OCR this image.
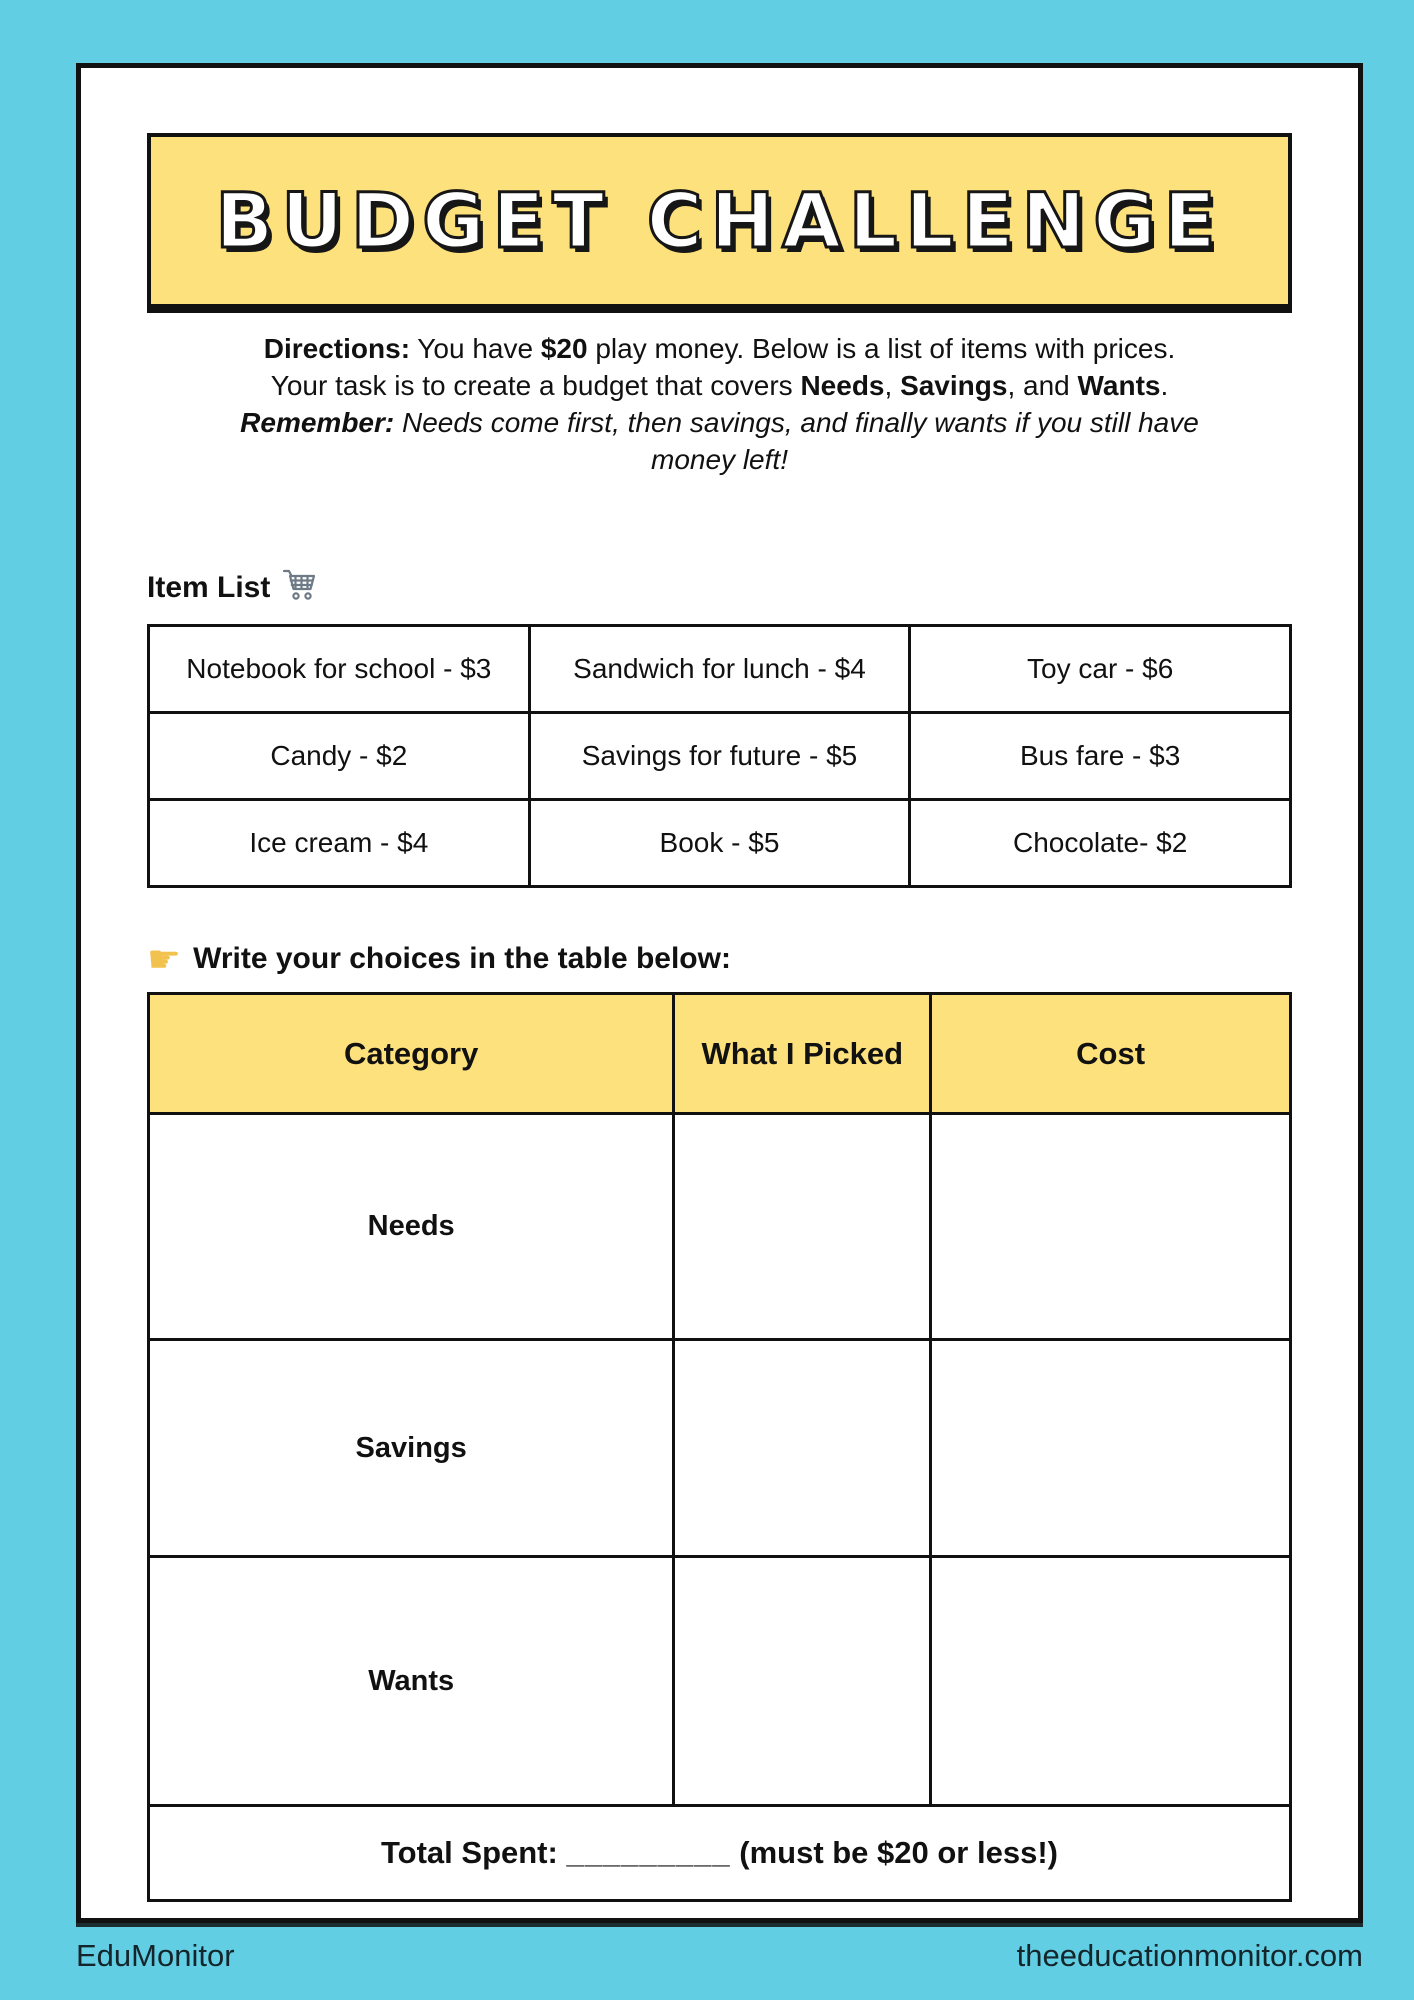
BUDGET CHALLENGE

Directions: You have $20 play money. Below is a list of items with prices.
Your task is to create a budget that covers Needs, Savings, and Wants.
Remember: Needs come first, then savings, and finally wants if you still have
money left!

Item List
Notebook for school - $3	Sandwich for lunch - $4	Toy car - $6
Candy - $2	Savings for future - $5	Bus fare - $3
Ice cream - $4	Book - $5	Chocolate- $2
☛ Write your choices in the table below:
Category	What I Picked	Cost
Needs		
Savings		
Wants		
Total Spent: _________ (must be $20 or less!)		
EduMonitor	theeducationmonitor.com
